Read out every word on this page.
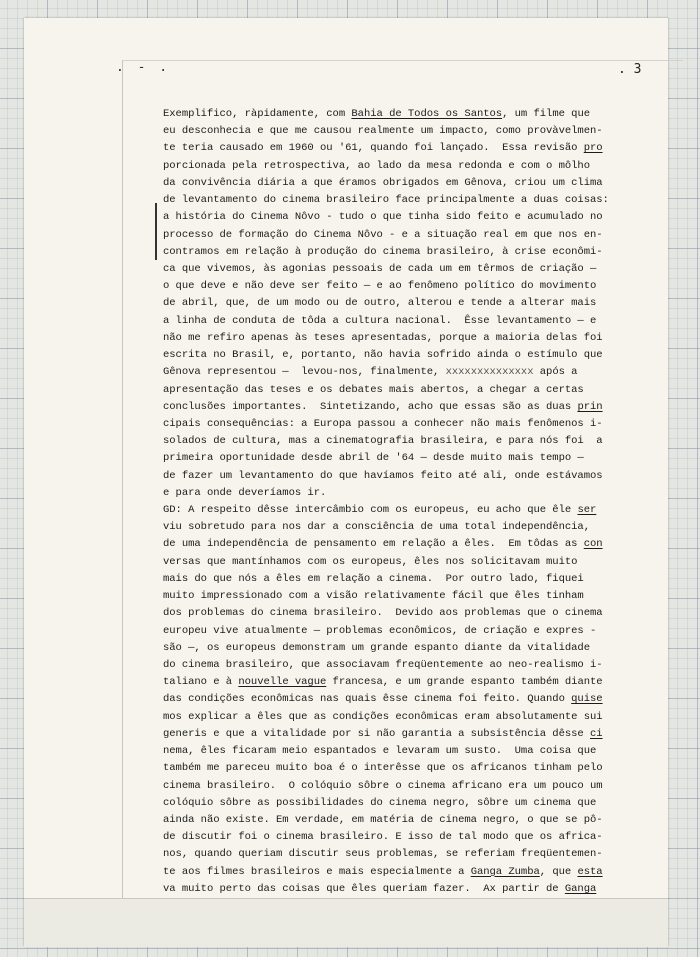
. - .	. 3
Exemplifico, ràpidamente, com Bahia de Todos os Santos, um filme que
eu desconhecia e que me causou realmente um impacto, como provàvelmen-
te teria causado em 1960 ou '61, quando foi lançado.  Essa revisão pro
porcionada pela retrospectiva, ao lado da mesa redonda e com o môlho
da convivência diária a que éramos obrigados em Gênova, criou um clima
de levantamento do cinema brasileiro face principalmente a duas coisas:
a história do Cinema Nôvo - tudo o que tinha sido feito e acumulado no
processo de formação do Cinema Nôvo - e a situação real em que nos en-
contramos em relação à produção do cinema brasileiro, à crise econômi-
ca que vivemos, às agonias pessoais de cada um em têrmos de criação —
o que deve e não deve ser feito — e ao fenômeno político do movimento
de abril, que, de um modo ou de outro, alterou e tende a alterar mais
a linha de conduta de tôda a cultura nacional.  Êsse levantamento — e
não me refiro apenas às teses apresentadas, porque a maioria delas foi
escrita no Brasil, e, portanto, não havia sofrido ainda o estímulo que
Gênova representou —  levou-nos, finalmente, xxxxxxxxxxxxxx após a
apresentação das teses e os debates mais abertos, a chegar a certas
conclusões importantes.  Sintetizando, acho que essas são as duas prin
cipais consequências: a Europa passou a conhecer não mais fenômenos i-
solados de cultura, mas a cinematografia brasileira, e para nós foi  a
primeira oportunidade desde abril de '64 — desde muito mais tempo —
de fazer um levantamento do que havíamos feito até ali, onde estávamos
e para onde deveríamos ir.
GD: A respeito dêsse intercâmbio com os europeus, eu acho que êle ser
viu sobretudo para nos dar a consciência de uma total independência,
de uma independência de pensamento em relação a êles.  Em tôdas as con
versas que mantínhamos com os europeus, êles nos solicitavam muito
mais do que nós a êles em relação a cinema.  Por outro lado, fiquei
muito impressionado com a visão relativamente fácil que êles tinham
dos problemas do cinema brasileiro.  Devido aos problemas que o cinema
europeu vive atualmente — problemas econômicos, de criação e expres -
são —, os europeus demonstram um grande espanto diante da vitalidade
do cinema brasileiro, que associavam freqüentemente ao neo-realismo i-
taliano e à nouvelle vague francesa, e um grande espanto também diante
das condições econômicas nas quais êsse cinema foi feito. Quando quise
mos explicar a êles que as condições econômicas eram absolutamente sui
generis e que a vitalidade por si não garantia a subsistência dêsse ci
nema, êles ficaram meio espantados e levaram um susto.  Uma coisa que
também me pareceu muito boa é o interêsse que os africanos tinham pelo
cinema brasileiro.  O colóquio sôbre o cinema africano era um pouco um
colóquio sôbre as possibilidades do cinema negro, sôbre um cinema que
ainda não existe. Em verdade, em matéria de cinema negro, o que se pô-
de discutir foi o cinema brasileiro. E isso de tal modo que os africa-
nos, quando queriam discutir seus problemas, se referiam freqüentemen-
te aos filmes brasileiros e mais especialmente a Ganga Zumba, que esta
va muito perto das coisas que êles queriam fazer.  Ax partir de Ganga
